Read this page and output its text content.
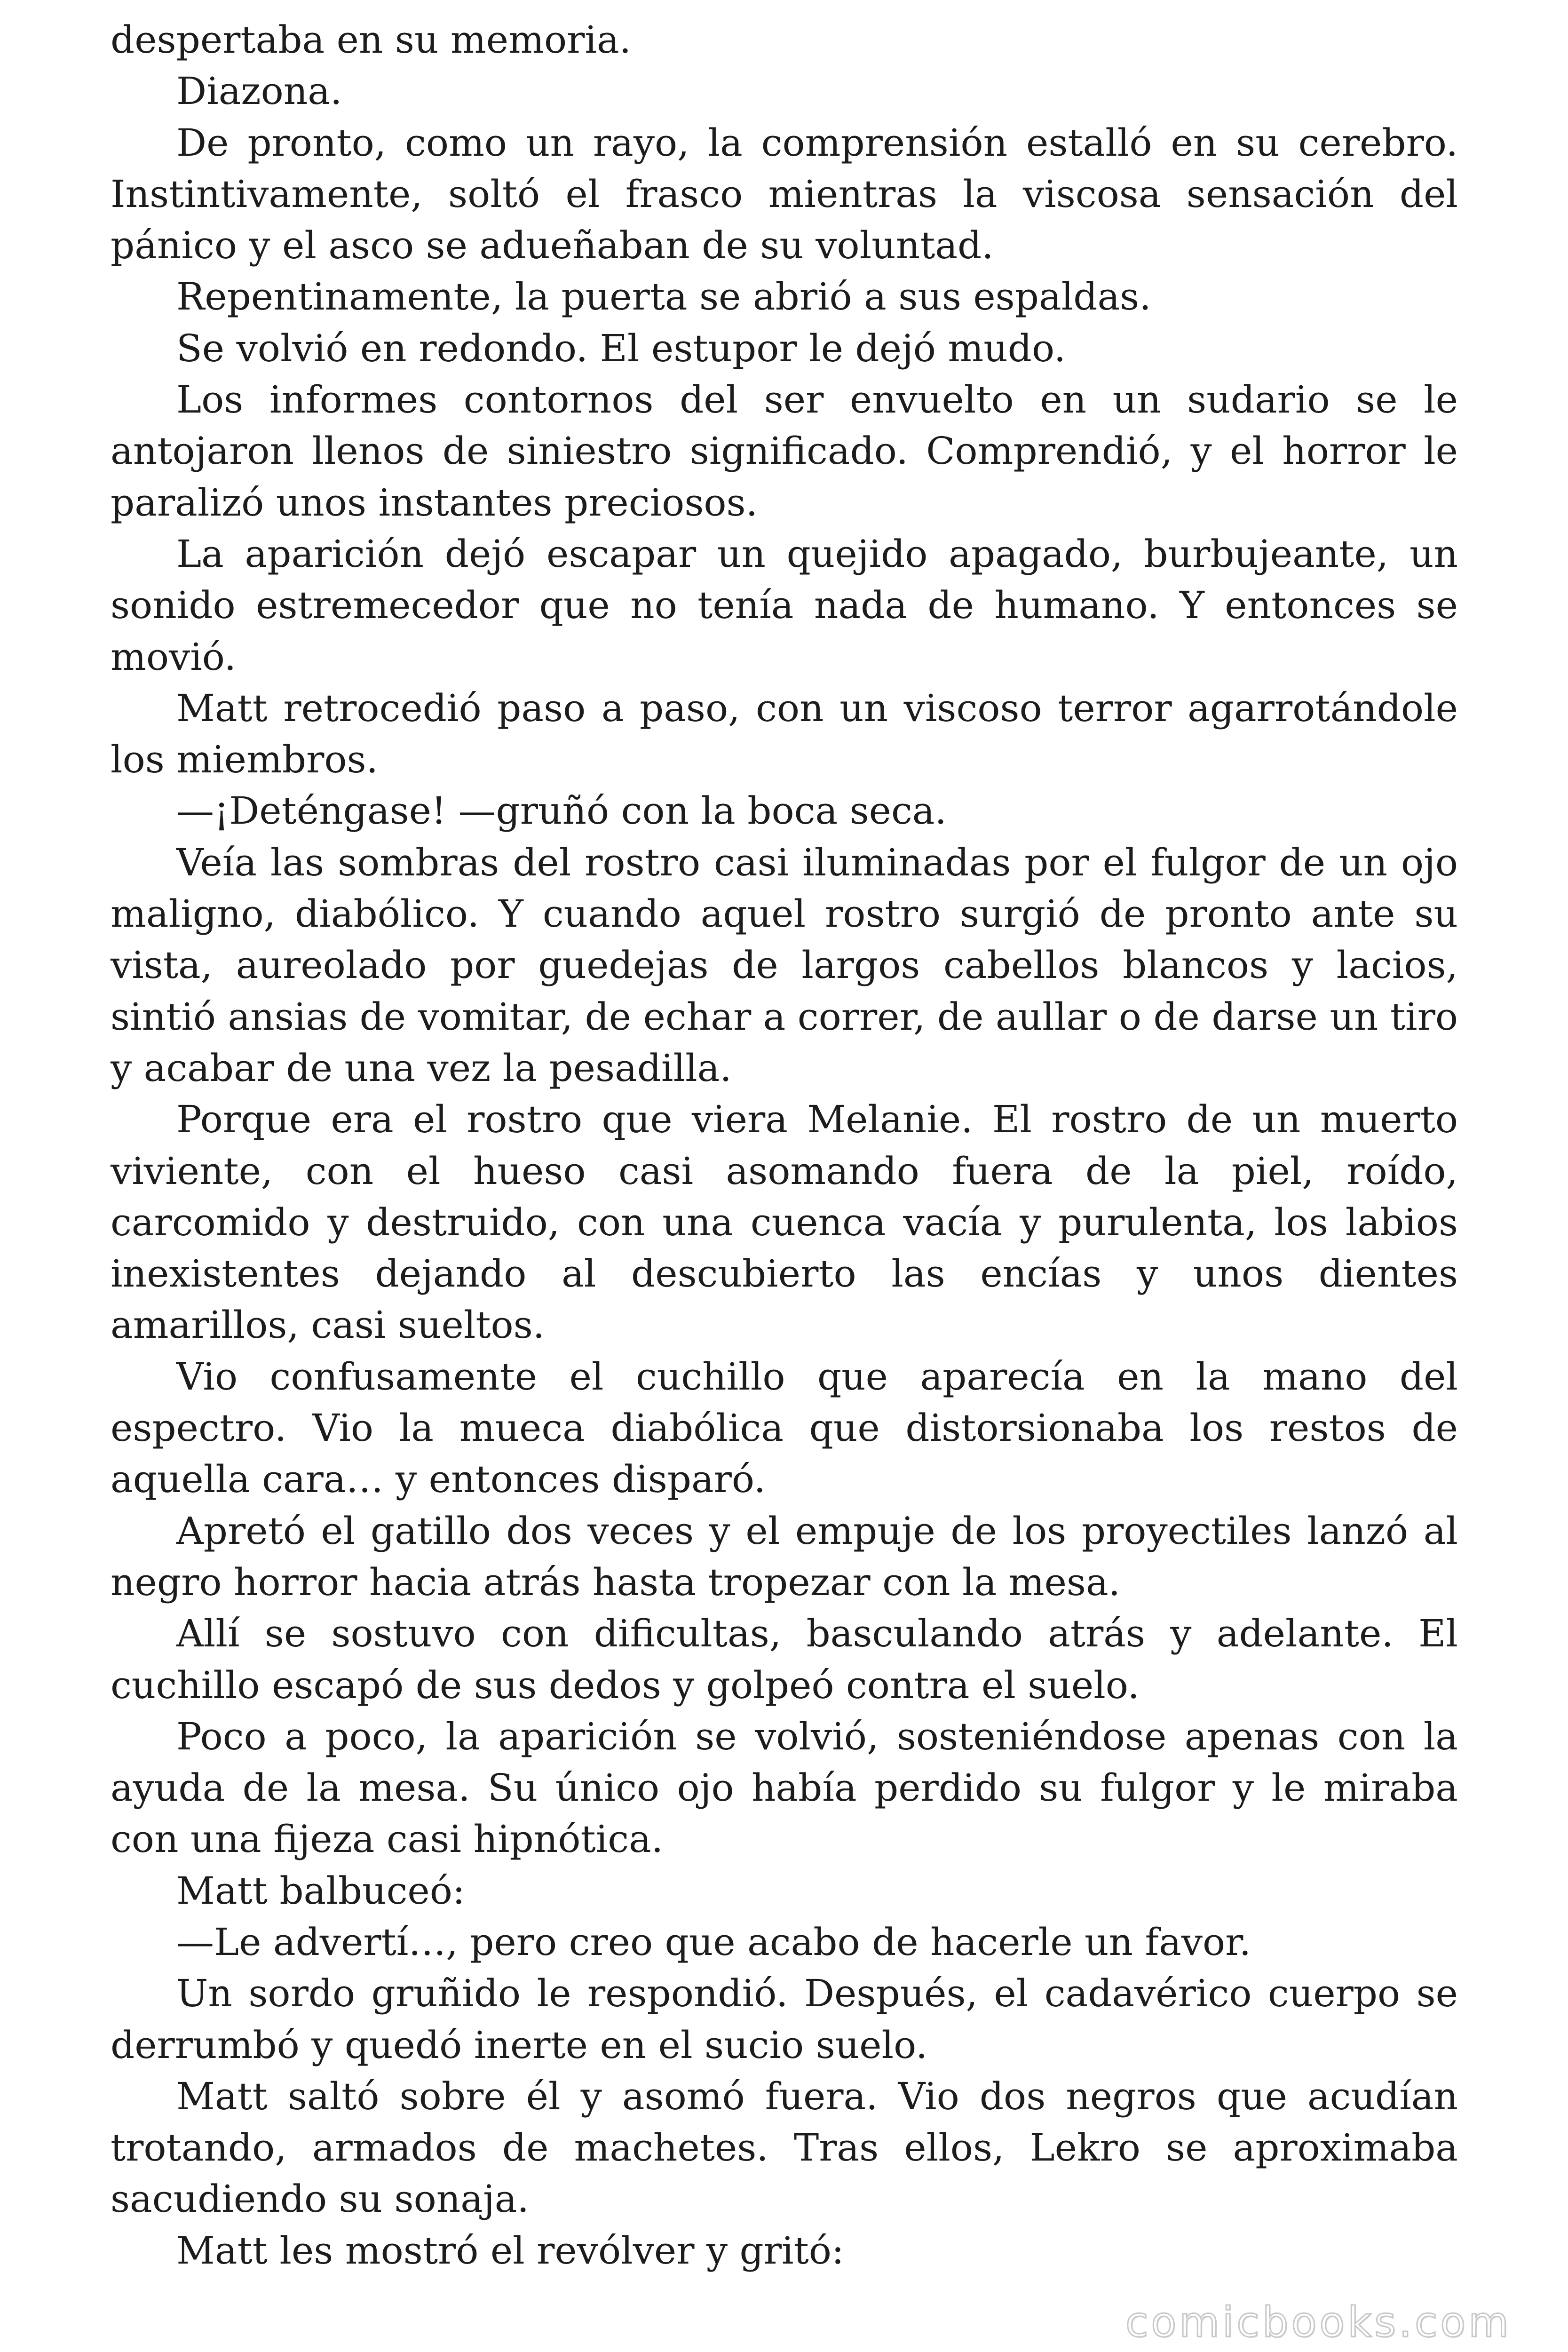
despertaba en su memoria.

Diazona.

De pronto, como un rayo, la comprensión estalló en su cerebro. Instintivamente, soltó el frasco mientras la viscosa sensación del pánico y el asco se adueñaban de su voluntad.

Repentinamente, la puerta se abrió a sus espaldas.

Se volvió en redondo. El estupor le dejó mudo.

Los informes contornos del ser envuelto en un sudario se le antojaron llenos de siniestro significado. Comprendió, y el horror le paralizó unos instantes preciosos.

La aparición dejó escapar un quejido apagado, burbujeante, un sonido estremecedor que no tenía nada de humano. Y entonces se movió.

Matt retrocedió paso a paso, con un viscoso terror agarrotándole los miembros.

—¡Deténgase! —gruñó con la boca seca.

Veía las sombras del rostro casi iluminadas por el fulgor de un ojo maligno, diabólico. Y cuando aquel rostro surgió de pronto ante su vista, aureolado por guedejas de largos cabellos blancos y lacios, sintió ansias de vomitar, de echar a correr, de aullar o de darse un tiro y acabar de una vez la pesadilla.

Porque era el rostro que viera Melanie. El rostro de un muerto viviente, con el hueso casi asomando fuera de la piel, roído, carcomido y destruido, con una cuenca vacía y purulenta, los labios inexistentes dejando al descubierto las encías y unos dientes amarillos, casi sueltos.

Vio confusamente el cuchillo que aparecía en la mano del espectro. Vio la mueca diabólica que distorsionaba los restos de aquella cara… y entonces disparó.

Apretó el gatillo dos veces y el empuje de los proyectiles lanzó al negro horror hacia atrás hasta tropezar con la mesa.

Allí se sostuvo con dificultas, basculando atrás y adelante. El cuchillo escapó de sus dedos y golpeó contra el suelo.

Poco a poco, la aparición se volvió, sosteniéndose apenas con la ayuda de la mesa. Su único ojo había perdido su fulgor y le miraba con una fijeza casi hipnótica.

Matt balbuceó:

—Le advertí…, pero creo que acabo de hacerle un favor.

Un sordo gruñido le respondió. Después, el cadavérico cuerpo se derrumbó y quedó inerte en el sucio suelo.

Matt saltó sobre él y asomó fuera. Vio dos negros que acudían trotando, armados de machetes. Tras ellos, Lekro se aproximaba sacudiendo su sonaja.

Matt les mostró el revólver y gritó:

comicbooks.com
